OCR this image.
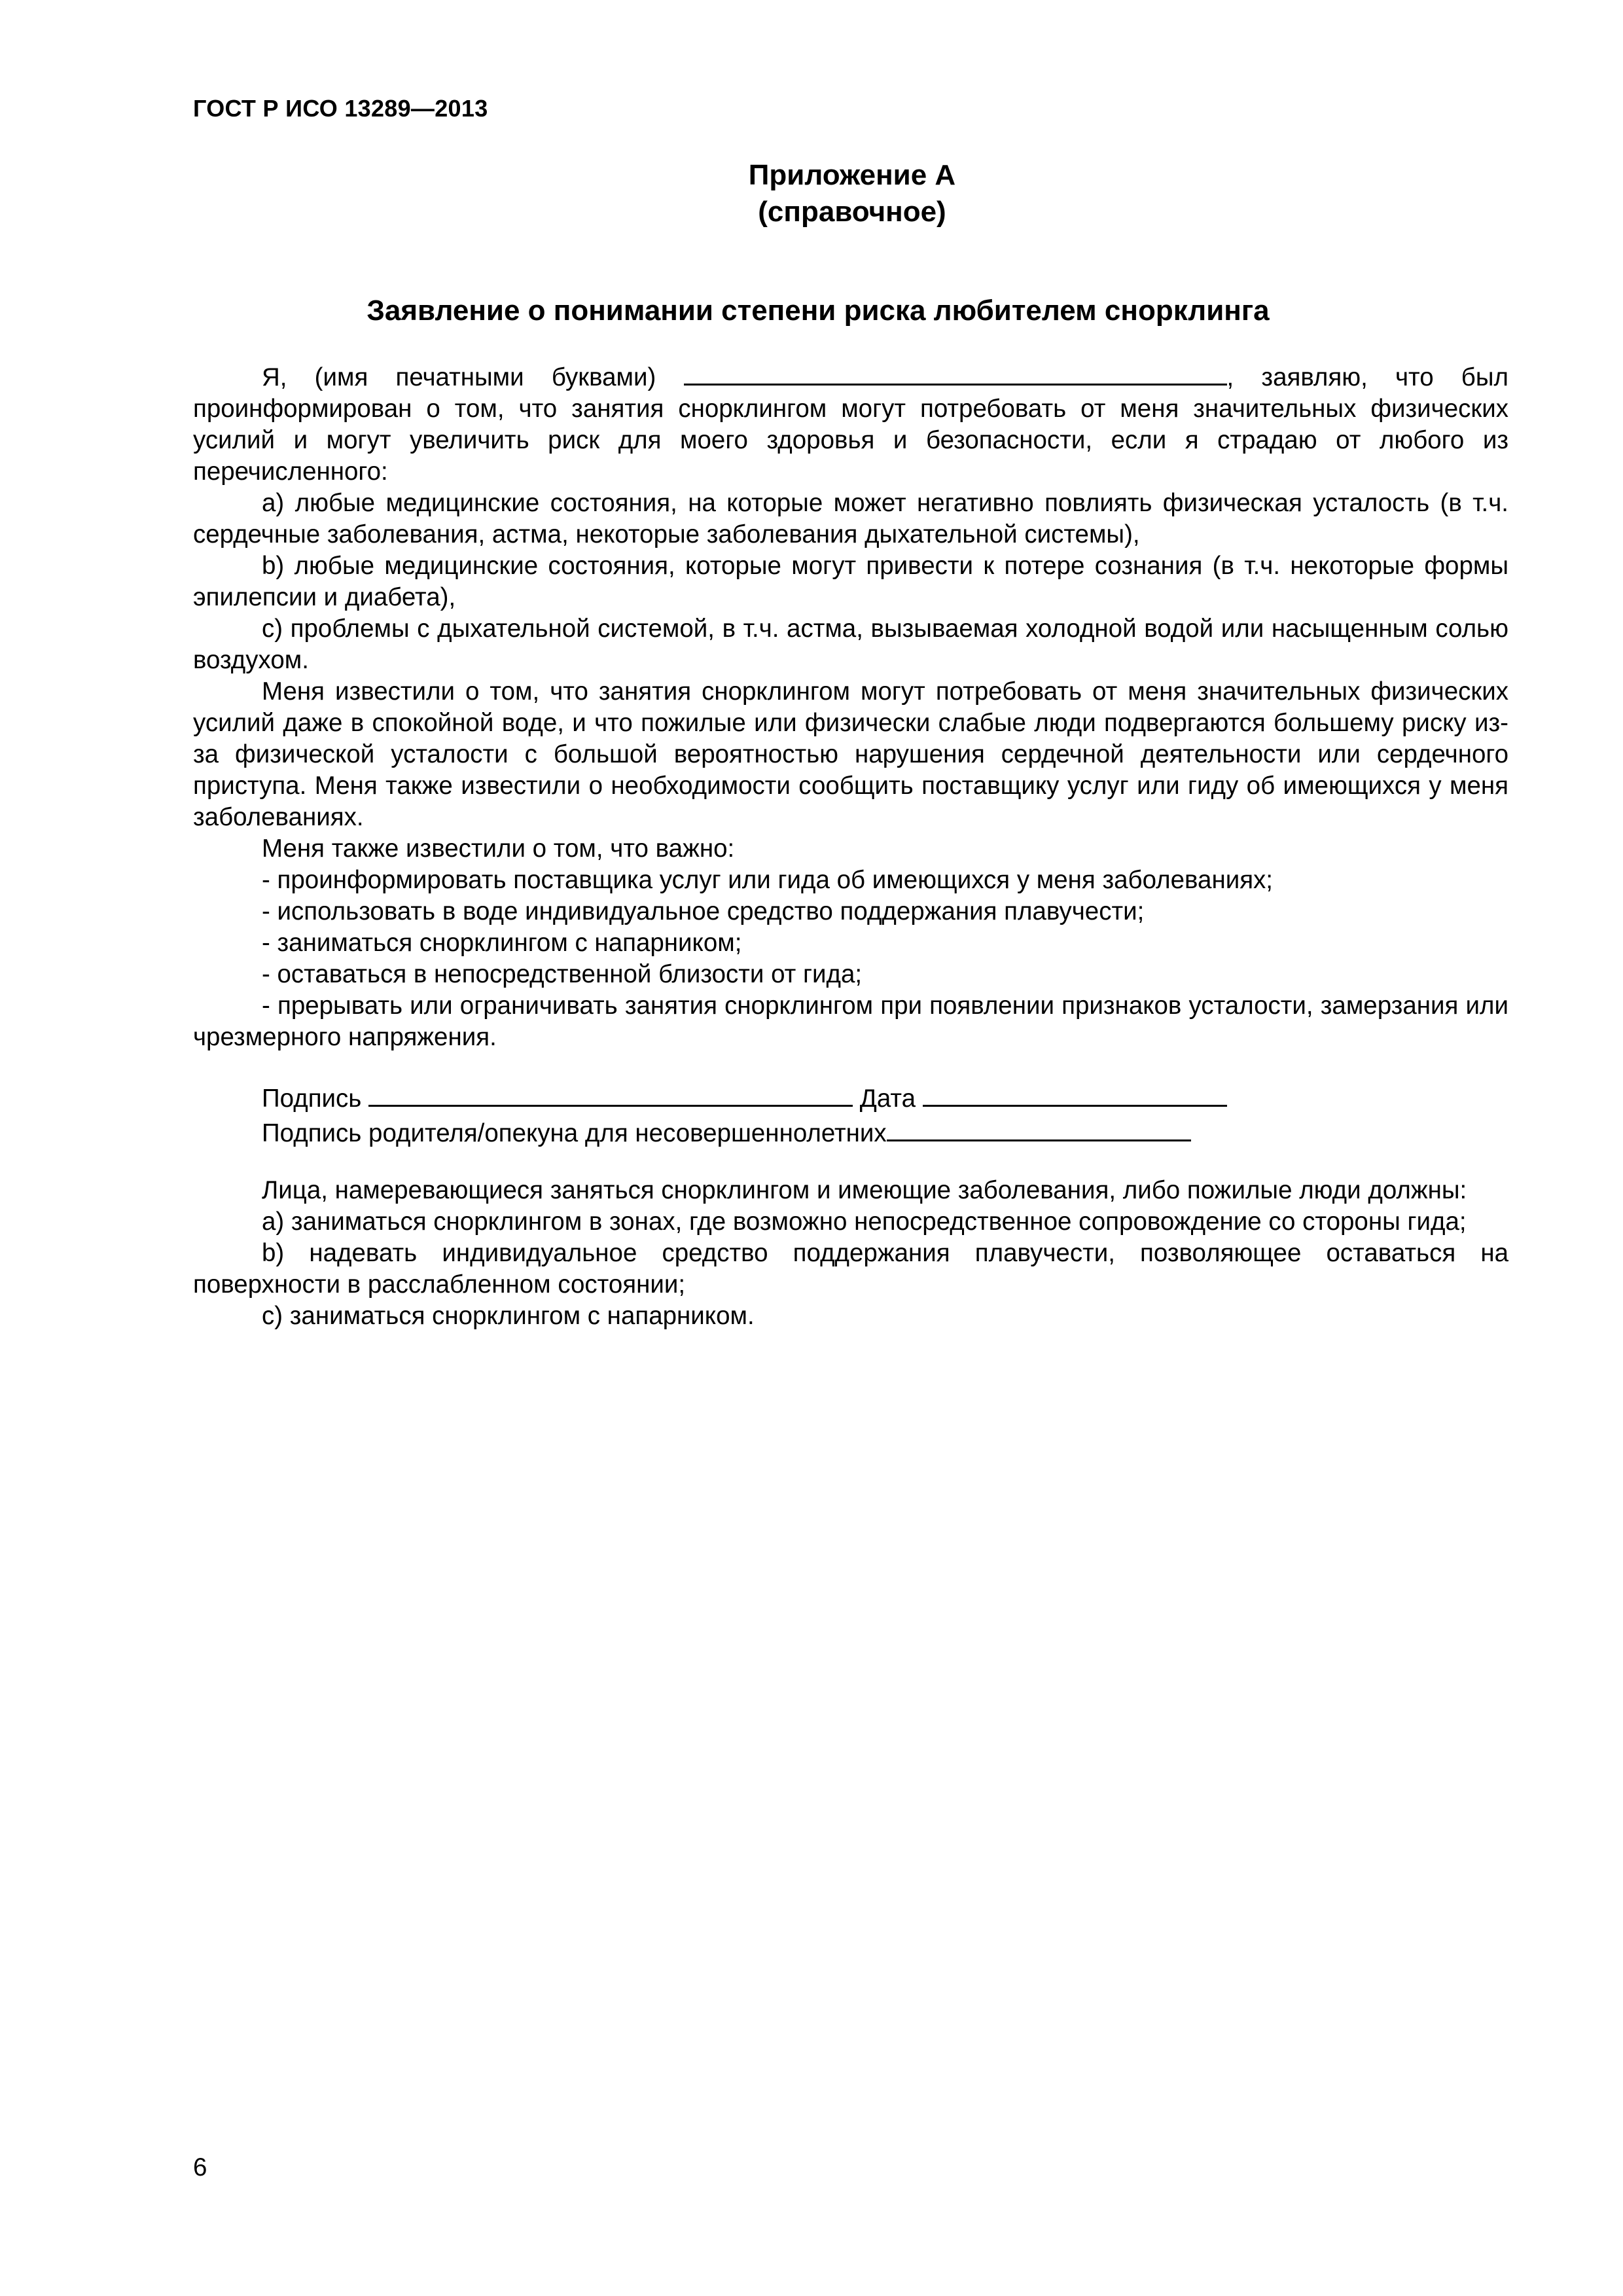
ГОСТ Р ИСО 13289—2013
Приложение А
(справочное)
Заявление о понимании степени риска любителем снорклинга

Я, (имя печатными буквами)	, заявляю, что был проинформирован о том, что занятия снорклингом могут потребовать от меня значительных физических усилий и могут увеличить риск для моего здоровья и безопасности, если я страдаю от любого из перечисленного:

а) любые медицинские состояния, на которые может негативно повлиять физическая усталость (в т.ч. сердечные заболевания, астма, некоторые заболевания дыхательной системы),

b) любые медицинские состояния, которые могут привести к потере сознания (в т.ч. некоторые формы эпилепсии и диабета),

с) проблемы с дыхательной системой, в т.ч. астма, вызываемая холодной водой или насыщенным солью воздухом.

Меня известили о том, что занятия снорклингом могут потребовать от меня значительных физических усилий даже в спокойной воде, и что пожилые или физически слабые люди подвергаются большему риску из-за физической усталости с большой вероятностью нарушения сердечной деятельности или сердечного приступа. Меня также известили о необходимости сообщить поставщику услуг или гиду об имеющихся у меня заболеваниях.

Меня также известили о том, что важно:

- проинформировать поставщика услуг или гида об имеющихся у меня заболеваниях;

- использовать в воде индивидуальное средство поддержания плавучести;

- заниматься снорклингом с напарником;

- оставаться в непосредственной близости от гида;

- прерывать или ограничивать занятия снорклингом при появлении признаков усталости, замерзания или чрезмерного напряжения.

Подпись	Дата
Подпись родителя/опекуна для несовершеннолетних

Лица, намеревающиеся заняться снорклингом и имеющие заболевания, либо пожилые люди должны:

а) заниматься снорклингом в зонах, где возможно непосредственное сопровождение со стороны гида;

b) надевать индивидуальное средство поддержания плавучести, позволяющее оставаться на поверхности в расслабленном состоянии;

с) заниматься снорклингом с напарником.

6
